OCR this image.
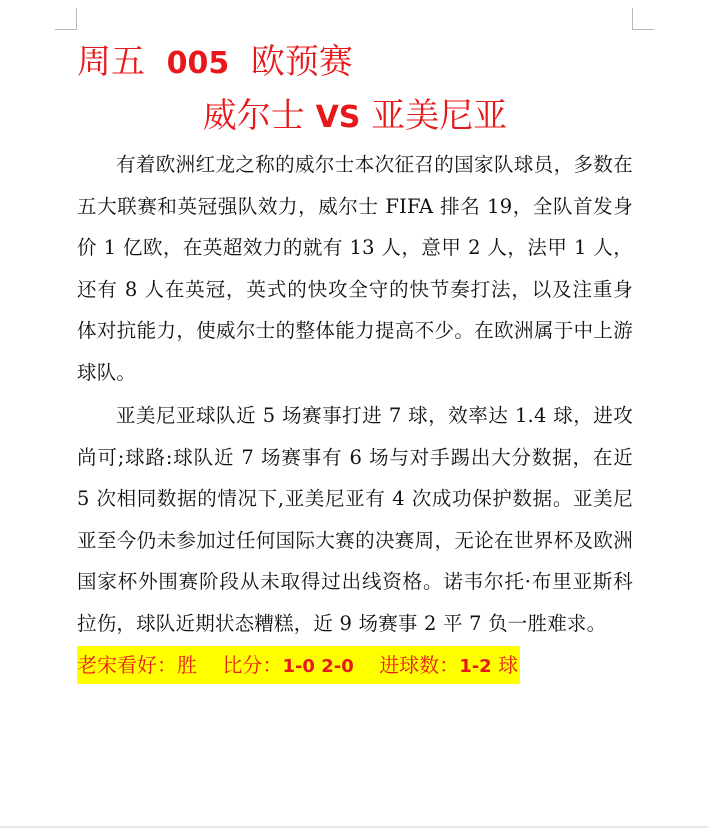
周五 005 欧预赛
威尔士 VS 亚美尼亚

有着欧洲红龙之称的威尔士本次征召的国家队球员，多数在五大联赛和英冠强队效力，威尔士 FIFA 排名 19，全队首发身价 1 亿欧，在英超效力的就有 13 人，意甲 2 人，法甲 1 人，还有 8 人在英冠，英式的快攻全守的快节奏打法，以及注重身体对抗能力，使威尔士的整体能力提高不少。在欧洲属于中上游球队。

亚美尼亚球队近 5 场赛事打进 7 球，效率达 1.4 球，进攻尚可;球路:球队近 7 场赛事有 6 场与对手踢出大分数据，在近 5 次相同数据的情况下,亚美尼亚有 4 次成功保护数据。亚美尼亚至今仍未参加过任何国际大赛的决赛周，无论在世界杯及欧洲国家杯外围赛阶段从未取得过出线资格。诺韦尔托·布里亚斯科拉伤，球队近期状态糟糕，近 9 场赛事 2 平 7 负一胜难求。

老宋看好：胜 比分：1-0 2-0 进球数：1-2 球
